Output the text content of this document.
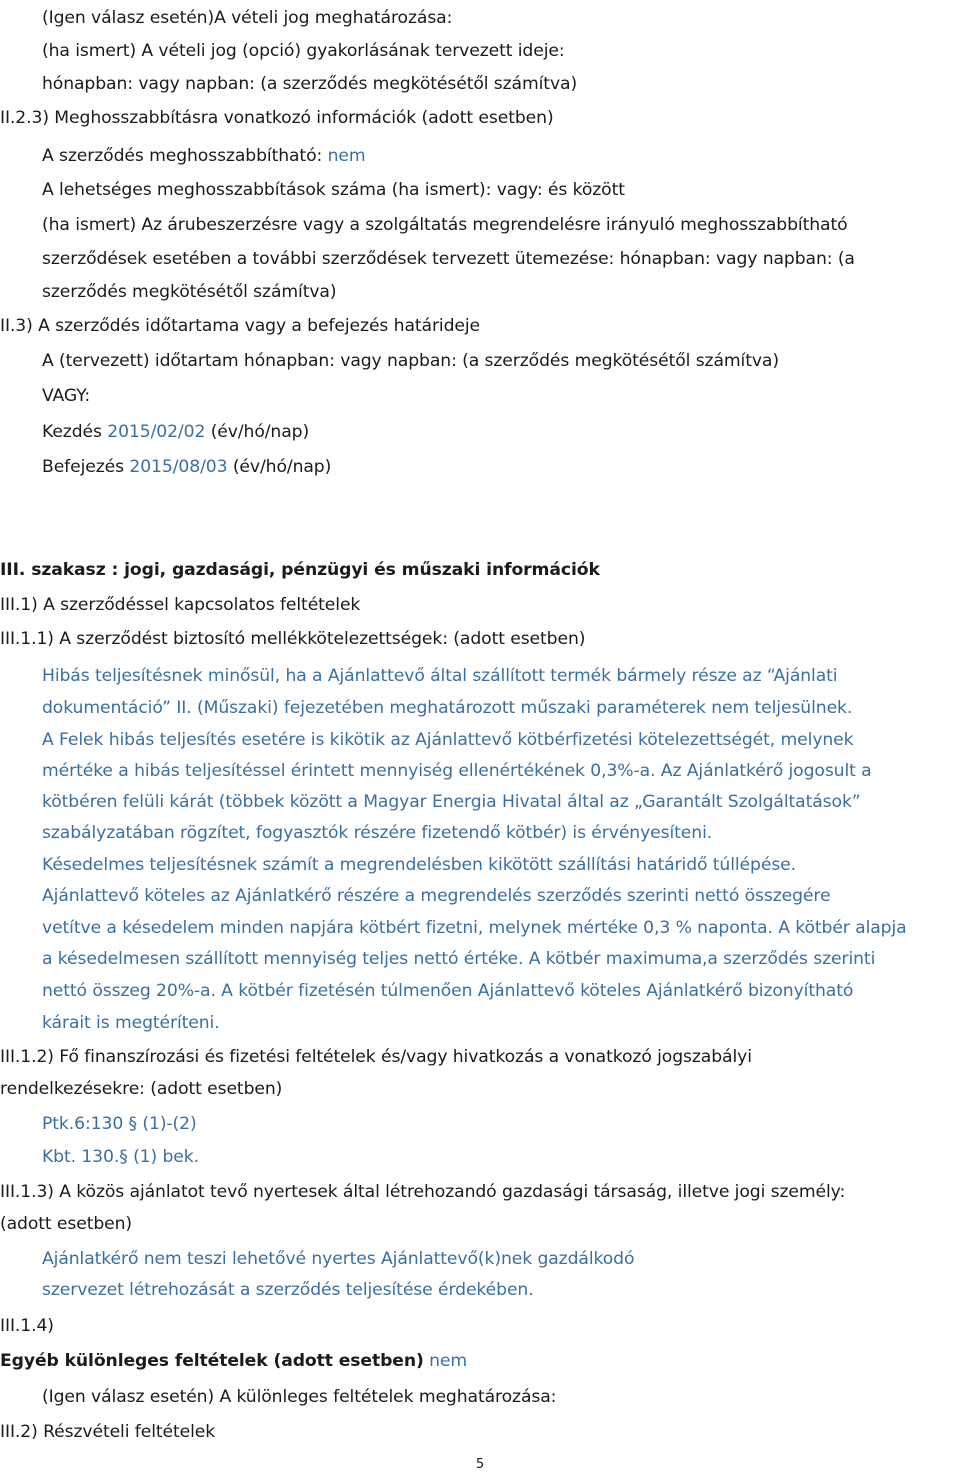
(Igen válasz esetén)A vételi jog meghatározása:
(ha ismert) A vételi jog (opció) gyakorlásának tervezett ideje:
hónapban: vagy napban: (a szerződés megkötésétől számítva)
II.2.3) Meghosszabbításra vonatkozó információk (adott esetben)
A szerződés meghosszabbítható: nem
A lehetséges meghosszabbítások száma (ha ismert): vagy: és között
(ha ismert) Az árubeszerzésre vagy a szolgáltatás megrendelésre irányuló meghosszabbítható
szerződések esetében a további szerződések tervezett ütemezése: hónapban: vagy napban: (a
szerződés megkötésétől számítva)
II.3) A szerződés időtartama vagy a befejezés határideje
A (tervezett) időtartam hónapban: vagy napban: (a szerződés megkötésétől számítva)
VAGY:
Kezdés 2015/02/02 (év/hó/nap)
Befejezés 2015/08/03 (év/hó/nap)
III. szakasz : jogi, gazdasági, pénzügyi és műszaki információk
III.1) A szerződéssel kapcsolatos feltételek
III.1.1) A szerződést biztosító mellékkötelezettségek: (adott esetben)
Hibás teljesítésnek minősül, ha a Ajánlattevő által szállított termék bármely része az “Ajánlati
dokumentáció” II. (Műszaki) fejezetében meghatározott műszaki paraméterek nem teljesülnek.
A Felek hibás teljesítés esetére is kikötik az Ajánlattevő kötbérfizetési kötelezettségét, melynek
mértéke a hibás teljesítéssel érintett mennyiség ellenértékének 0,3%-a. Az Ajánlatkérő jogosult a
kötbéren felüli kárát (többek között a Magyar Energia Hivatal által az „Garantált Szolgáltatások”
szabályzatában rögzítet, fogyasztók részére fizetendő kötbér) is érvényesíteni.
Késedelmes teljesítésnek számít a megrendelésben kikötött szállítási határidő túllépése.
Ajánlattevő köteles az Ajánlatkérő részére a megrendelés szerződés szerinti nettó összegére
vetítve a késedelem minden napjára kötbért fizetni, melynek mértéke 0,3 % naponta. A kötbér alapja
a késedelmesen szállított mennyiség teljes nettó értéke. A kötbér maximuma,a szerződés szerinti
nettó összeg 20%-a. A kötbér fizetésén túlmenően Ajánlattevő köteles Ajánlatkérő bizonyítható
kárait is megtéríteni.
III.1.2) Fő finanszírozási és fizetési feltételek és/vagy hivatkozás a vonatkozó jogszabályi
rendelkezésekre: (adott esetben)
Ptk.6:130 § (1)-(2)
Kbt. 130.§ (1) bek.
III.1.3) A közös ajánlatot tevő nyertesek által létrehozandó gazdasági társaság, illetve jogi személy:
(adott esetben)
Ajánlatkérő nem teszi lehetővé nyertes Ajánlattevő(k)nek gazdálkodó
szervezet létrehozását a szerződés teljesítése érdekében.
III.1.4)
Egyéb különleges feltételek (adott esetben) nem
(Igen válasz esetén) A különleges feltételek meghatározása:
III.2) Részvételi feltételek
5
